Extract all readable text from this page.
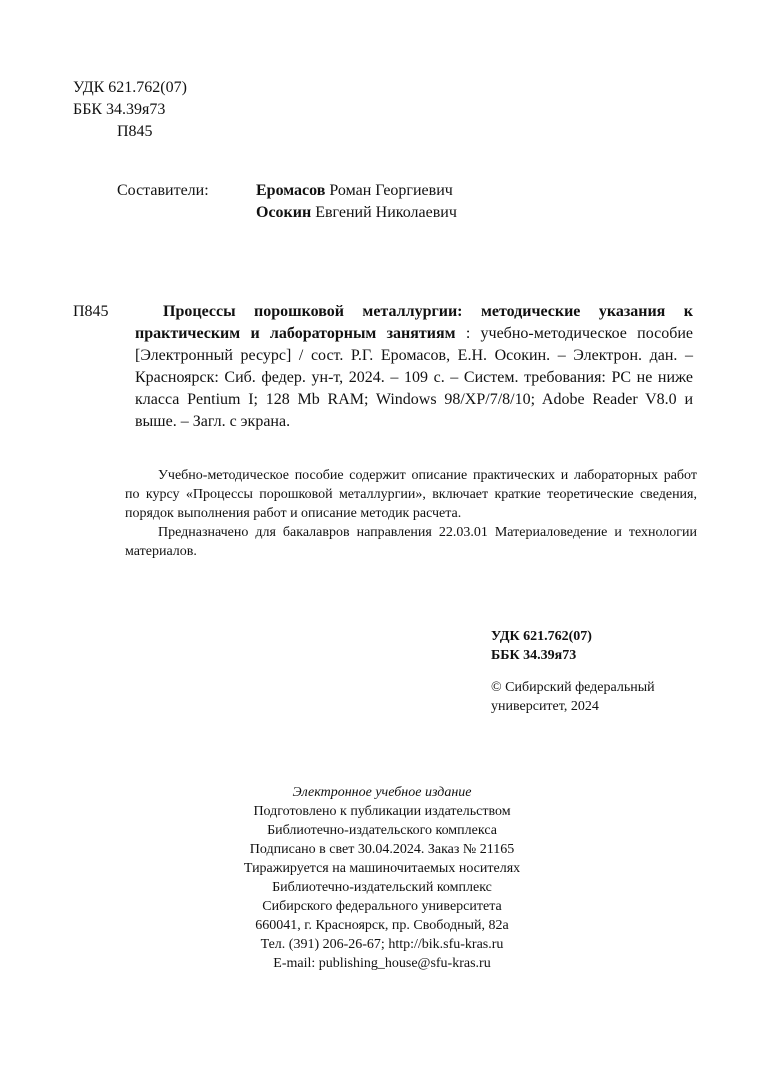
УДК 621.762(07)
ББК 34.39я73
П845
Составители:	Еромасов Роман Георгиевич
Осокин Евгений Николаевич
П845	Процессы порошковой металлургии: методические указания к практическим и лабораторным занятиям : учебно-методическое пособие [Электронный ресурс] / сост. Р.Г. Еромасов, Е.Н. Осокин. – Электрон. дан. – Красноярск: Сиб. федер. ун-т, 2024. – 109 с. – Систем. требования: PC не ниже класса Pentium I; 128 Mb RAM; Windows 98/XP/7/8/10; Adobe Reader V8.0 и выше. – Загл. с экрана.

Учебно-методическое пособие содержит описание практических и лабораторных работ по курсу «Процессы порошковой металлургии», включает краткие теоретические сведения, порядок выполнения работ и описание методик расчета.

Предназначено для бакалавров направления 22.03.01 Материаловедение и технологии материалов.

УДК 621.762(07)
ББК 34.39я73
© Сибирский федеральный университет, 2024
Электронное учебное издание
Подготовлено к публикации издательством
Библиотечно-издательского комплекса
Подписано в свет 30.04.2024. Заказ № 21165
Тиражируется на машиночитаемых носителях
Библиотечно-издательский комплекс
Сибирского федерального университета
660041, г. Красноярск, пр. Свободный, 82а
Тел. (391) 206-26-67; http://bik.sfu-kras.ru
E-mail: publishing_house@sfu-kras.ru
